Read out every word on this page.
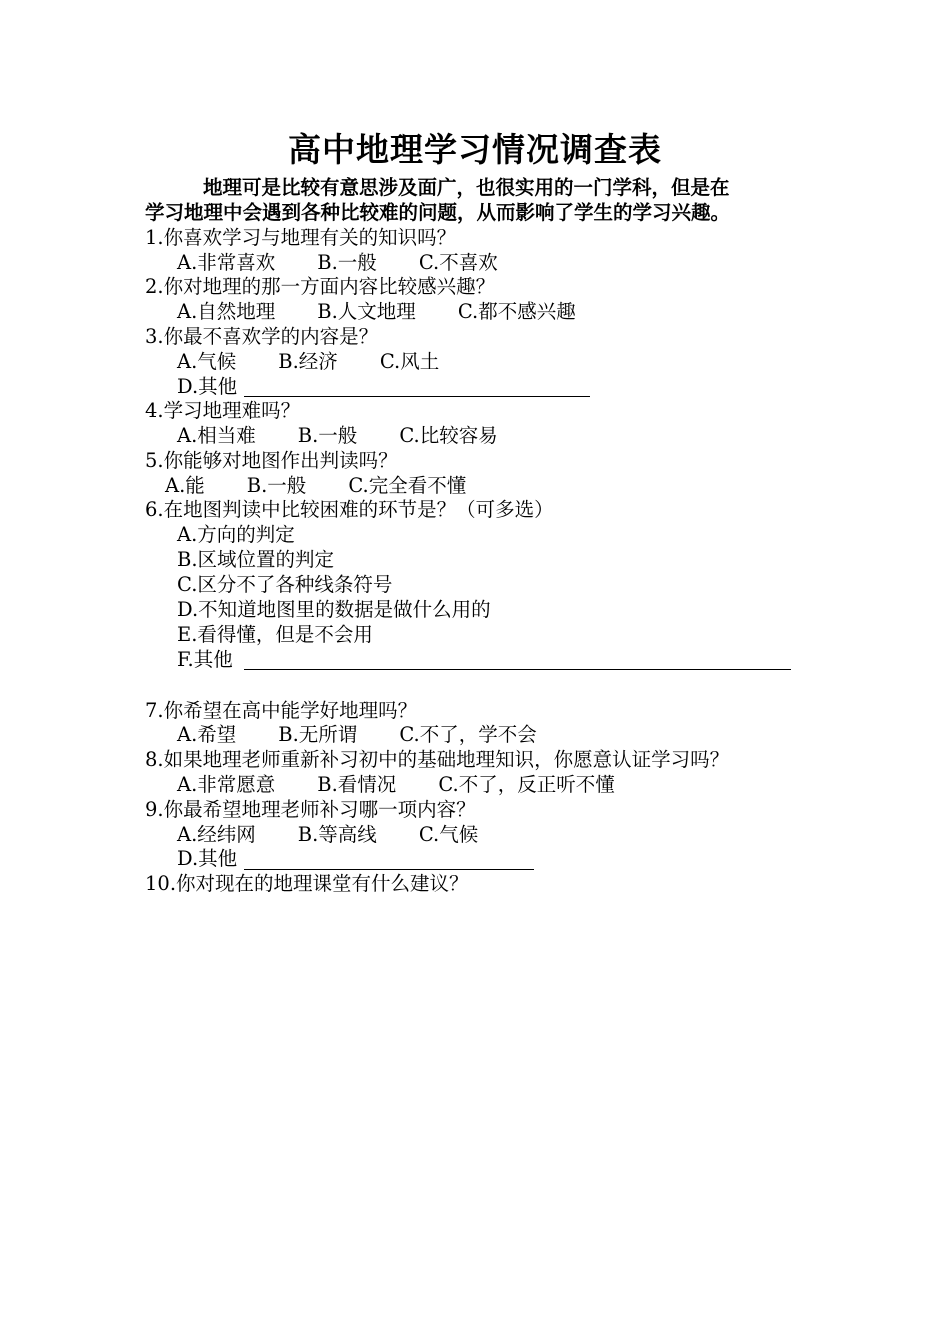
高中地理学习情况调查表
地理可是比较有意思涉及面广，也很实用的一门学科，但是在
学习地理中会遇到各种比较难的问题，从而影响了学生的学习兴趣。
1.你喜欢学习与地理有关的知识吗？
A.非常喜欢 B.一般 C.不喜欢
2.你对地理的那一方面内容比较感兴趣？
A.自然地理 B.人文地理 C.都不感兴趣
3.你最不喜欢学的内容是？
A.气候 B.经济 C.风土
D.其他
4.学习地理难吗？
A.相当难 B.一般 C.比较容易
5.你能够对地图作出判读吗？
A.能 B.一般 C.完全看不懂
6.在地图判读中比较困难的环节是？（可多选）
A.方向的判定
B.区域位置的判定
C.区分不了各种线条符号
D.不知道地图里的数据是做什么用的
E.看得懂，但是不会用
F.其他
7.你希望在高中能学好地理吗？
A.希望 B.无所谓 C.不了，学不会
8.如果地理老师重新补习初中的基础地理知识，你愿意认证学习吗？
A.非常愿意 B.看情况 C.不了，反正听不懂
9.你最希望地理老师补习哪一项内容？
A.经纬网 B.等高线 C.气候
D.其他
10.你对现在的地理课堂有什么建议？
